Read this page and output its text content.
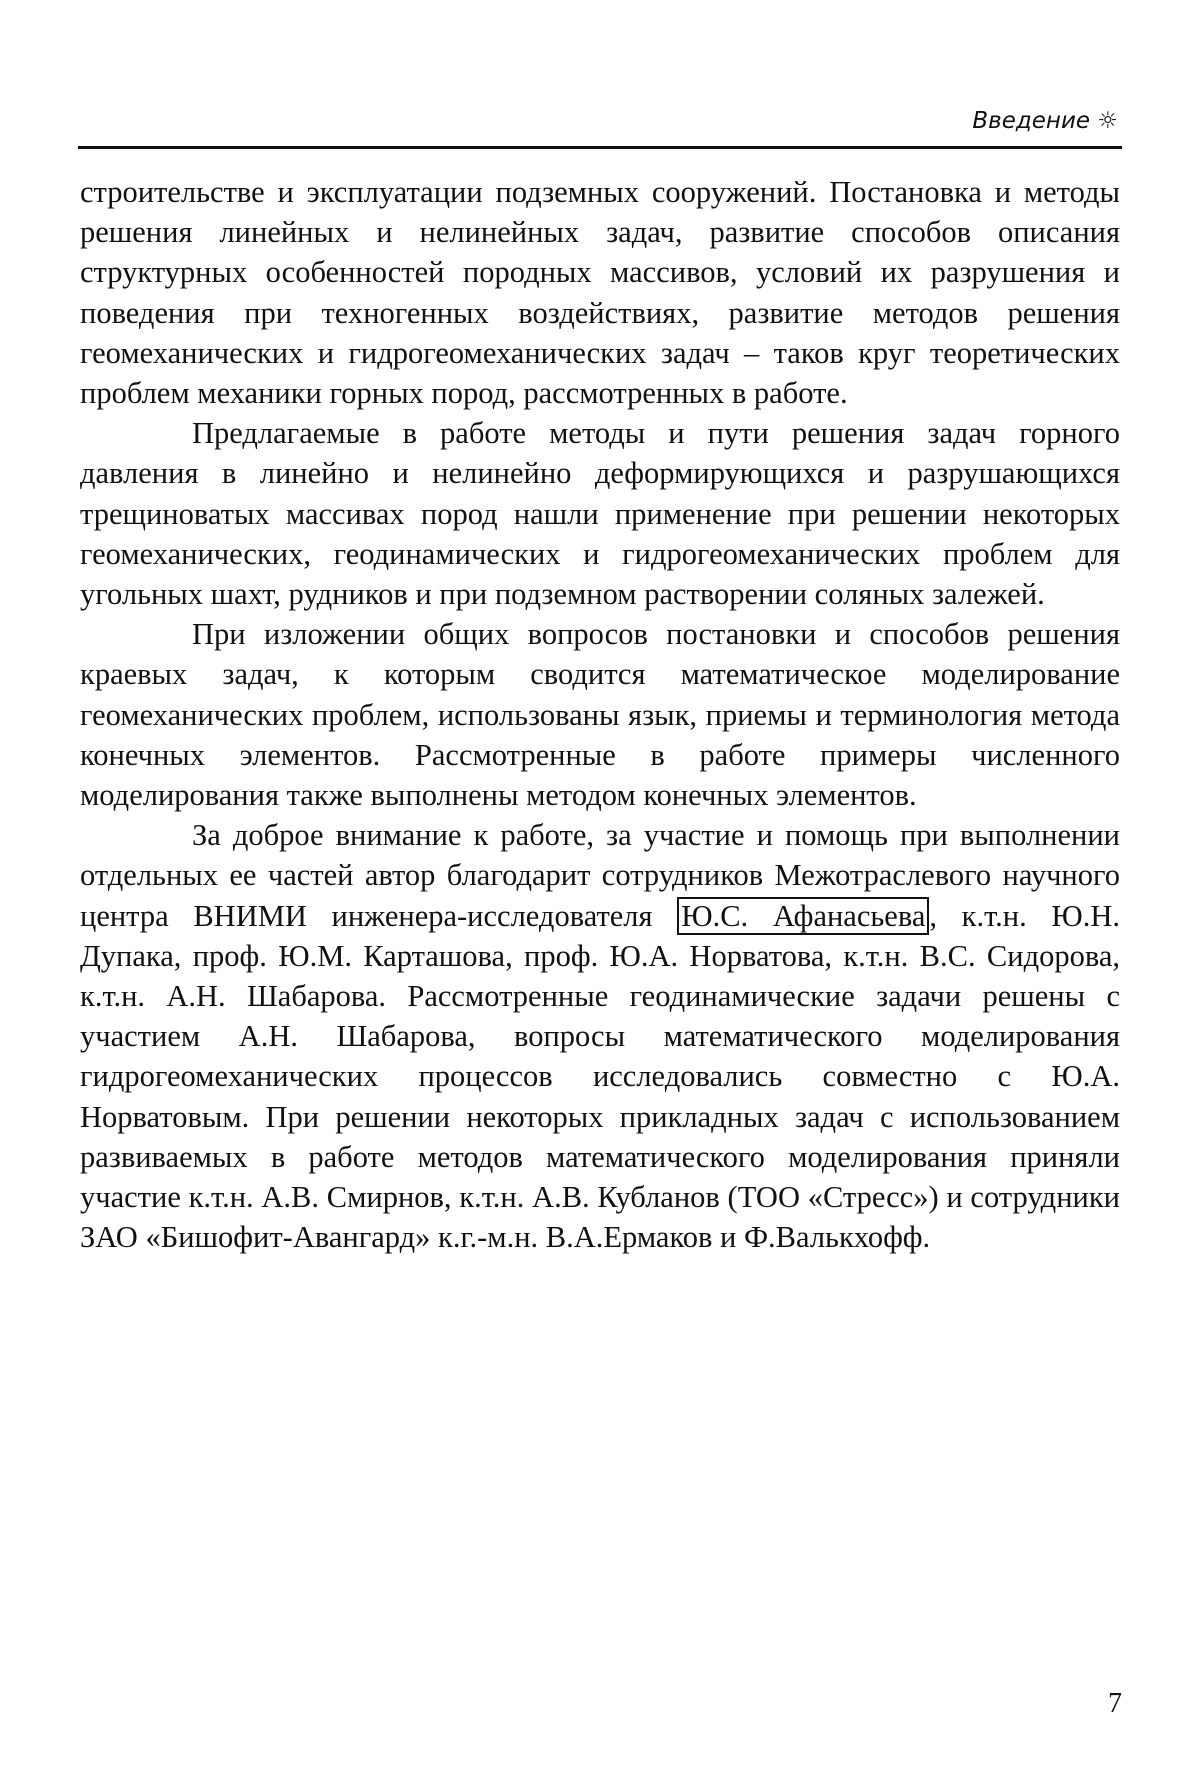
Введение ☼

строительстве и эксплуатации подземных сооружений. Постановка и методы решения линейных и нелинейных задач, развитие способов описания структурных особенностей породных массивов, условий их разрушения и поведения при техногенных воздействиях, развитие методов решения геомеханических и гидрогеомеханических задач – таков круг теоретических проблем механики горных пород, рассмотренных в работе.

Предлагаемые в работе методы и пути решения задач горного давления в линейно и нелинейно деформирующихся и разрушающихся трещиноватых массивах пород нашли применение при решении некоторых геомеханических, геодинамических и гидрогеомеханических проблем для угольных шахт, рудников и при подземном растворении соляных залежей.

При изложении общих вопросов постановки и способов решения краевых задач, к которым сводится математическое моделирование геомеханических проблем, использованы язык, приемы и терминология метода конечных элементов. Рассмотренные в работе примеры численного моделирования также выполнены методом конечных элементов.

За доброе внимание к работе, за участие и помощь при выполнении отдельных ее частей автор благодарит сотрудников Межотраслевого научного центра ВНИМИ инженера-исследователя Ю.С. Афанасьева , к.т.н. Ю.Н. Дупака, проф. Ю.М. Карташова, проф. Ю.А. Норватова, к.т.н. В.С. Сидорова, к.т.н. А.Н. Шабарова. Рассмотренные геодинамические задачи решены с участием А.Н. Шабарова, вопросы математического моделирования гидрогеомеханических процессов исследовались совместно с Ю.А. Норватовым. При решении некоторых прикладных задач с использованием развиваемых в работе методов математического моделирования приняли участие к.т.н. А.В. Смирнов, к.т.н. А.В. Кубланов (ТОО «Стресс») и сотрудники ЗАО «Бишофит-Авангард» к.г.-м.н. В.А.Ермаков и Ф.Валькхофф.

7
